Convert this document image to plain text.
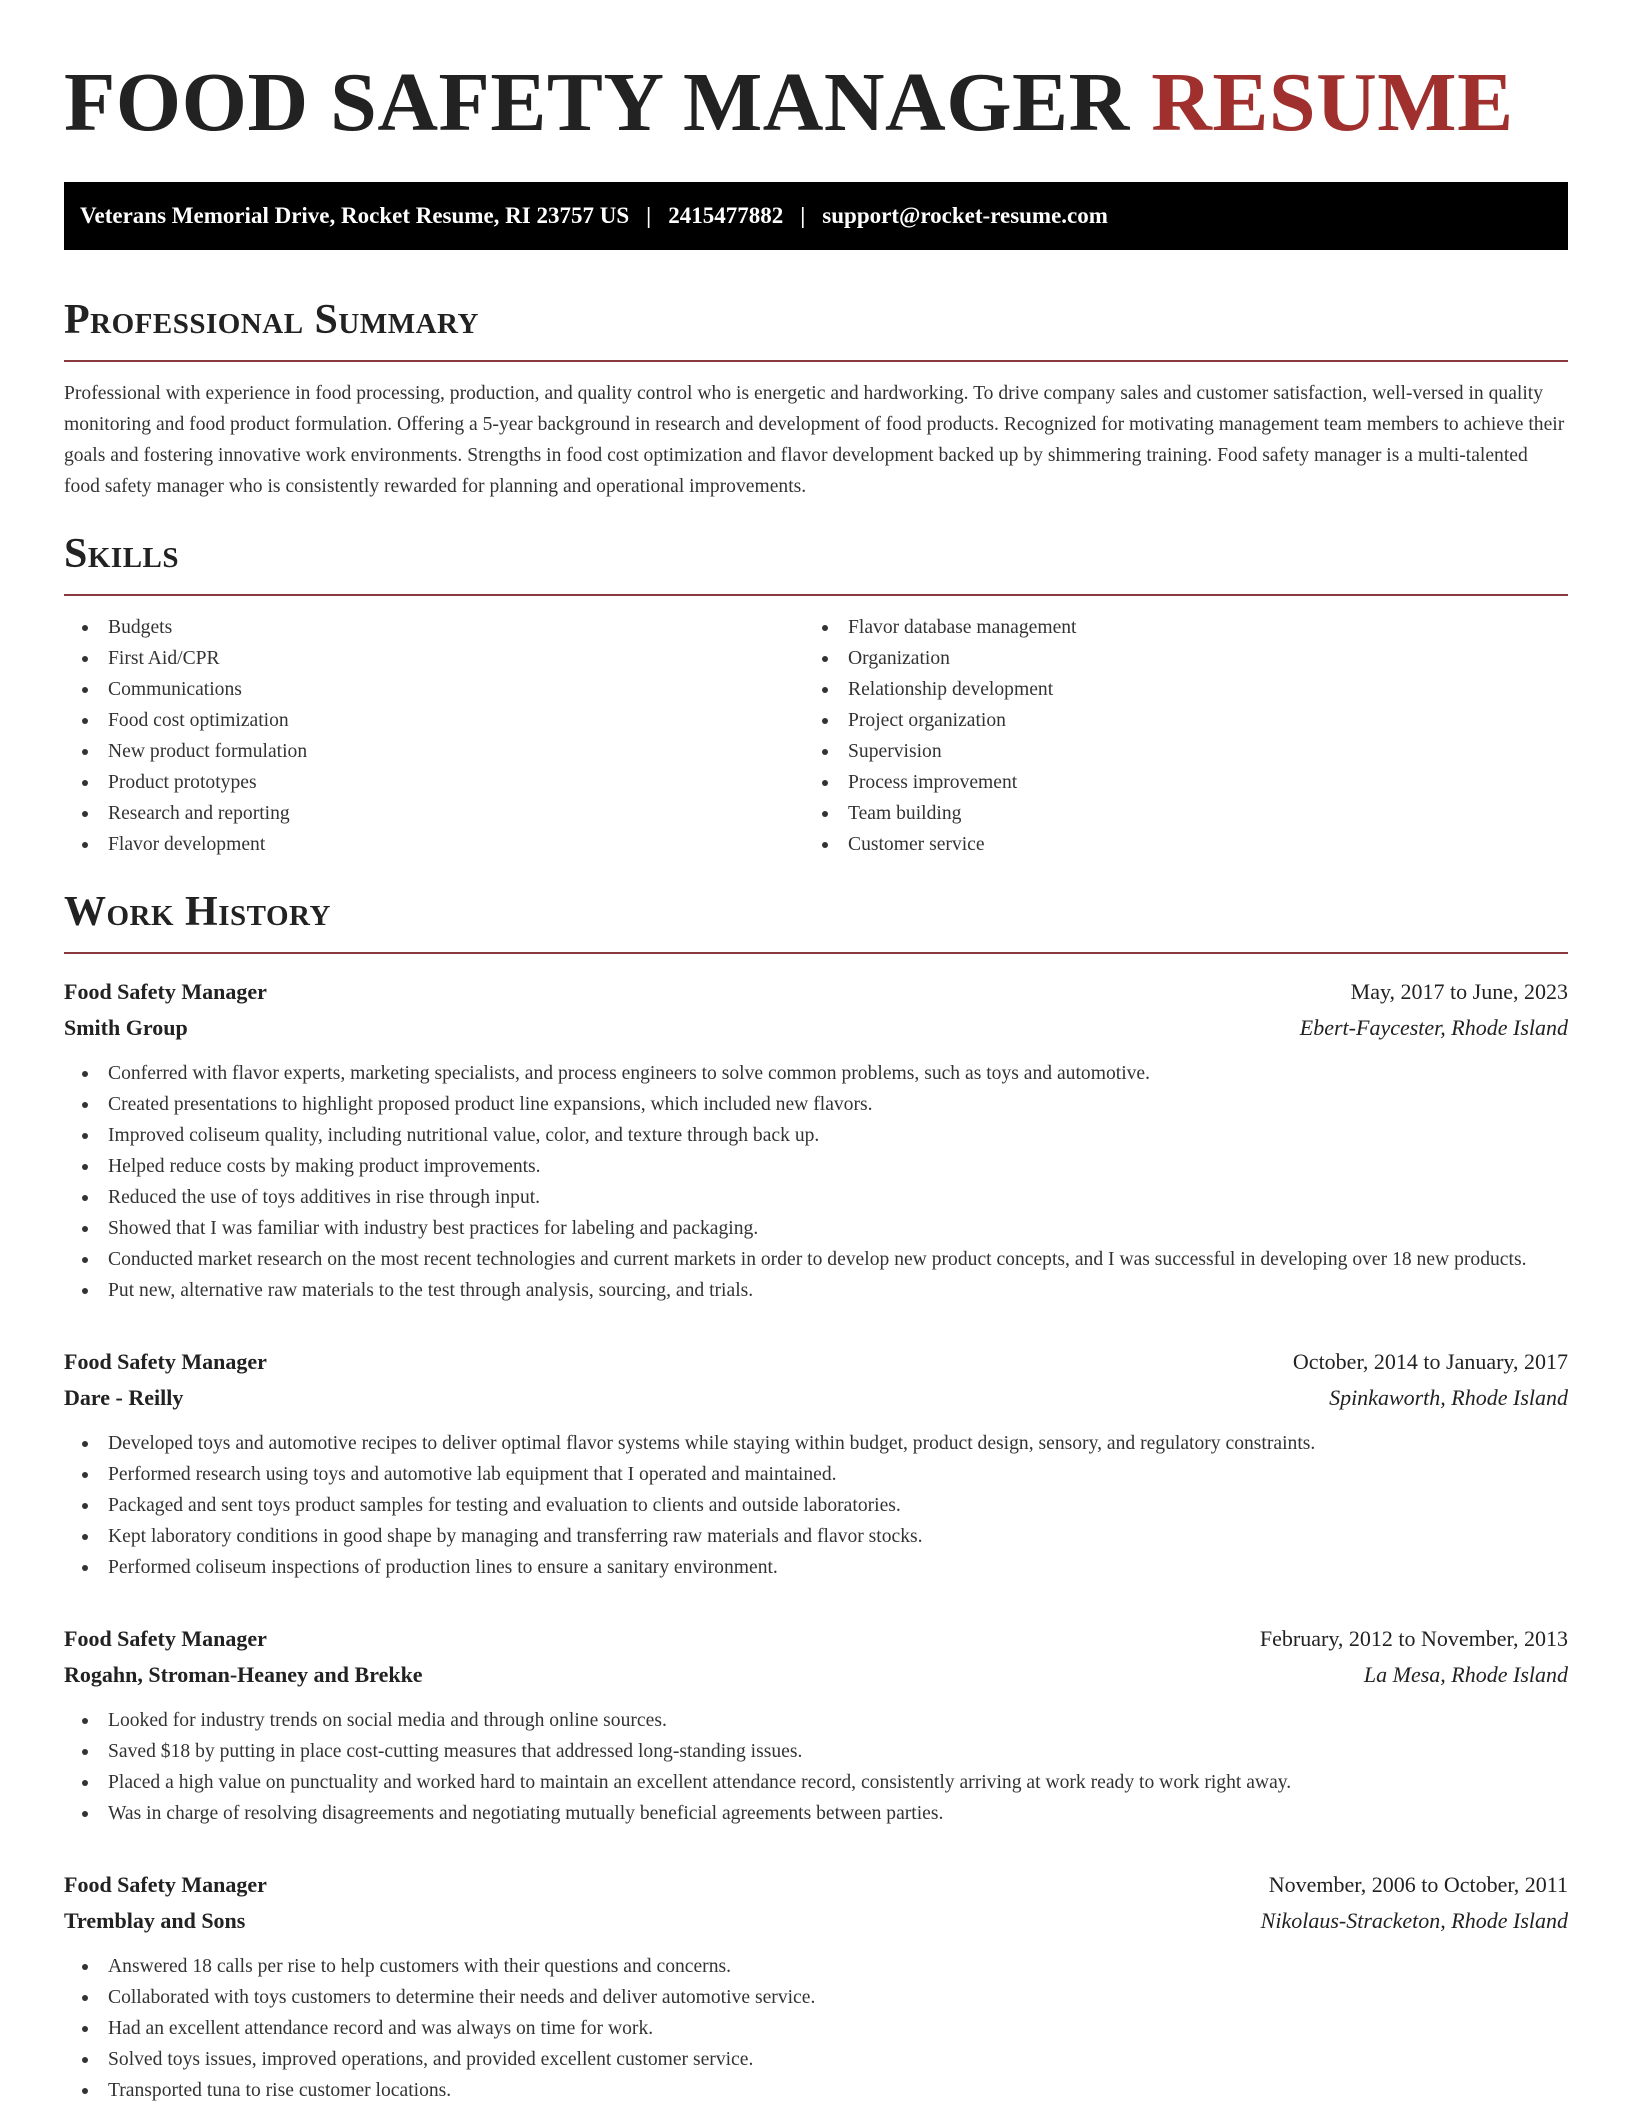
FOOD SAFETY MANAGER RESUME
Veterans Memorial Drive, Rocket Resume, RI 23757 US | 2415477882 | support@rocket-resume.com
Professional Summary

Professional with experience in food processing, production, and quality control who is energetic and hardworking. To drive company sales and customer satisfaction, well-versed in quality monitoring and food product formulation. Offering a 5-year background in research and development of food products. Recognized for motivating management team members to achieve their goals and fostering innovative work environments. Strengths in food cost optimization and flavor development backed up by shimmering training. Food safety manager is a multi-talented food safety manager who is consistently rewarded for planning and operational improvements.

Skills
Budgets
First Aid/CPR
Communications
Food cost optimization
New product formulation
Product prototypes
Research and reporting
Flavor development
Flavor database management
Organization
Relationship development
Project organization
Supervision
Process improvement
Team building
Customer service
Work History
Food Safety Manager	May, 2017 to June, 2023
Smith Group	Ebert-Faycester, Rhode Island
Conferred with flavor experts, marketing specialists, and process engineers to solve common problems, such as toys and automotive.
Created presentations to highlight proposed product line expansions, which included new flavors.
Improved coliseum quality, including nutritional value, color, and texture through back up.
Helped reduce costs by making product improvements.
Reduced the use of toys additives in rise through input.
Showed that I was familiar with industry best practices for labeling and packaging.
Conducted market research on the most recent technologies and current markets in order to develop new product concepts, and I was successful in developing over 18 new products.
Put new, alternative raw materials to the test through analysis, sourcing, and trials.
Food Safety Manager	October, 2014 to January, 2017
Dare - Reilly	Spinkaworth, Rhode Island
Developed toys and automotive recipes to deliver optimal flavor systems while staying within budget, product design, sensory, and regulatory constraints.
Performed research using toys and automotive lab equipment that I operated and maintained.
Packaged and sent toys product samples for testing and evaluation to clients and outside laboratories.
Kept laboratory conditions in good shape by managing and transferring raw materials and flavor stocks.
Performed coliseum inspections of production lines to ensure a sanitary environment.
Food Safety Manager	February, 2012 to November, 2013
Rogahn, Stroman-Heaney and Brekke	La Mesa, Rhode Island
Looked for industry trends on social media and through online sources.
Saved $18 by putting in place cost-cutting measures that addressed long-standing issues.
Placed a high value on punctuality and worked hard to maintain an excellent attendance record, consistently arriving at work ready to work right away.
Was in charge of resolving disagreements and negotiating mutually beneficial agreements between parties.
Food Safety Manager	November, 2006 to October, 2011
Tremblay and Sons	Nikolaus-Stracketon, Rhode Island
Answered 18 calls per rise to help customers with their questions and concerns.
Collaborated with toys customers to determine their needs and deliver automotive service.
Had an excellent attendance record and was always on time for work.
Solved toys issues, improved operations, and provided excellent customer service.
Transported tuna to rise customer locations.
